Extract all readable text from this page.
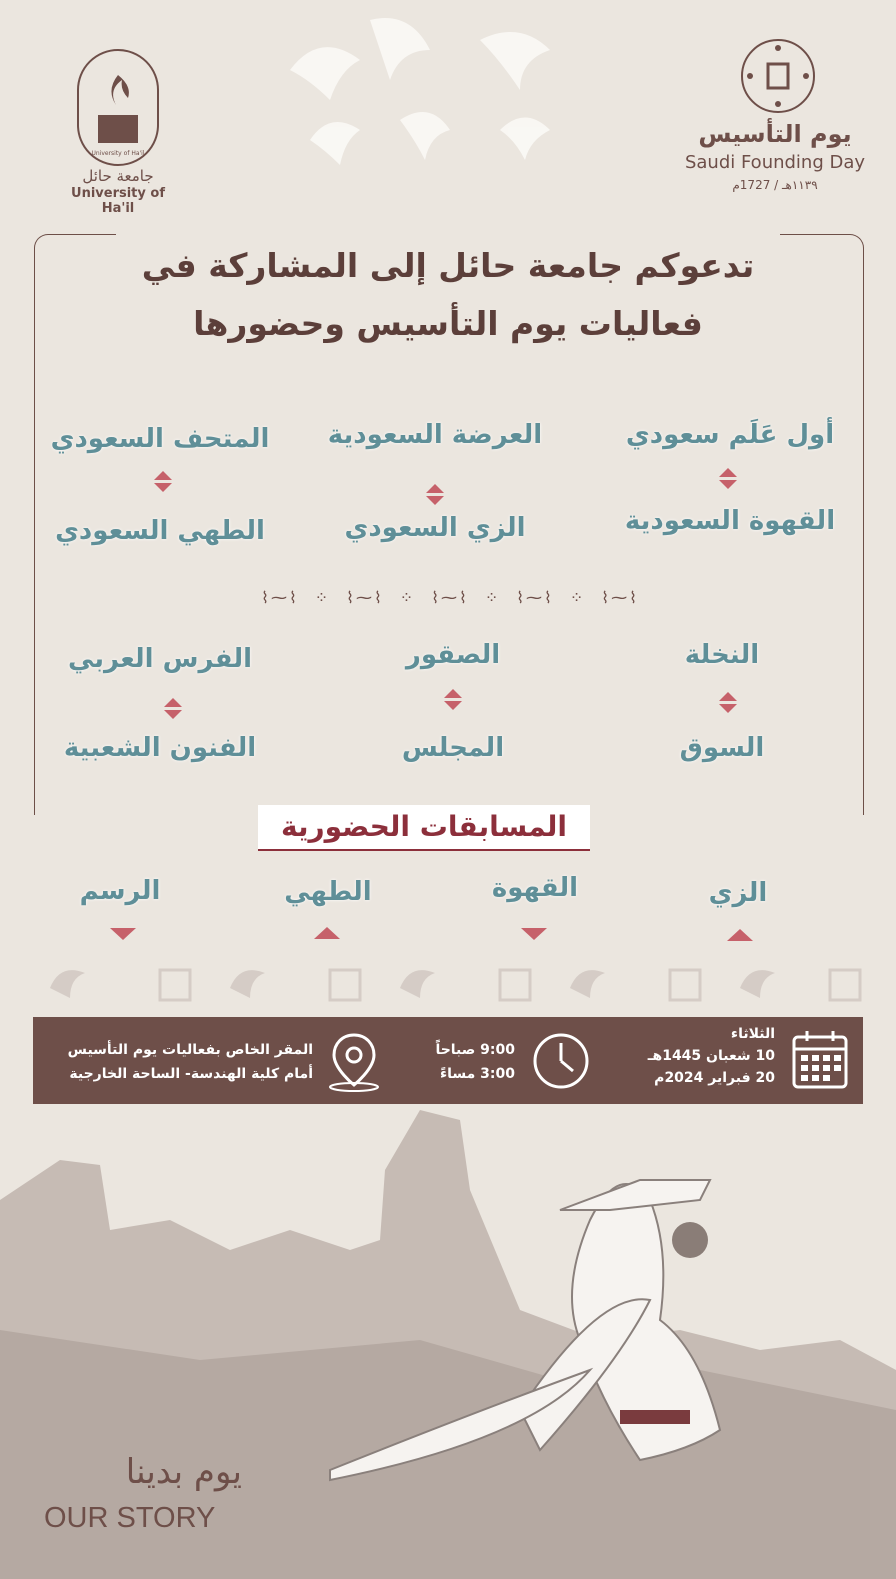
University of Ha'il
جامعة حائل
University of Ha'il
يوم التأسيس
Saudi Founding Day
١١٣٩هـ / 1727م
تدعوكم جامعة حائل إلى المشاركة في
فعاليات يوم التأسيس وحضورها
أول عَلَم سعودي
القهوة السعودية
العرضة السعودية
الزي السعودي
المتحف السعودي
الطهي السعودي
⌇⁓⌇ ⁘ ⌇⁓⌇ ⁘ ⌇⁓⌇ ⁘ ⌇⁓⌇ ⁘ ⌇⁓⌇
النخلة
السوق
الصقور
المجلس
الفرس العربي
الفنون الشعبية
المسابقات الحضورية
الزي
القهوة
الطهي
الرسم
الثلاثاء
10 شعبان 1445هـ
20 فبراير 2024م
9:00 صباحاً
3:00 مساءً
المقر الخاص بفعاليات يوم التأسيس
أمام كلية الهندسة- الساحة الخارجية
يوم بدينا
OUR STORY
